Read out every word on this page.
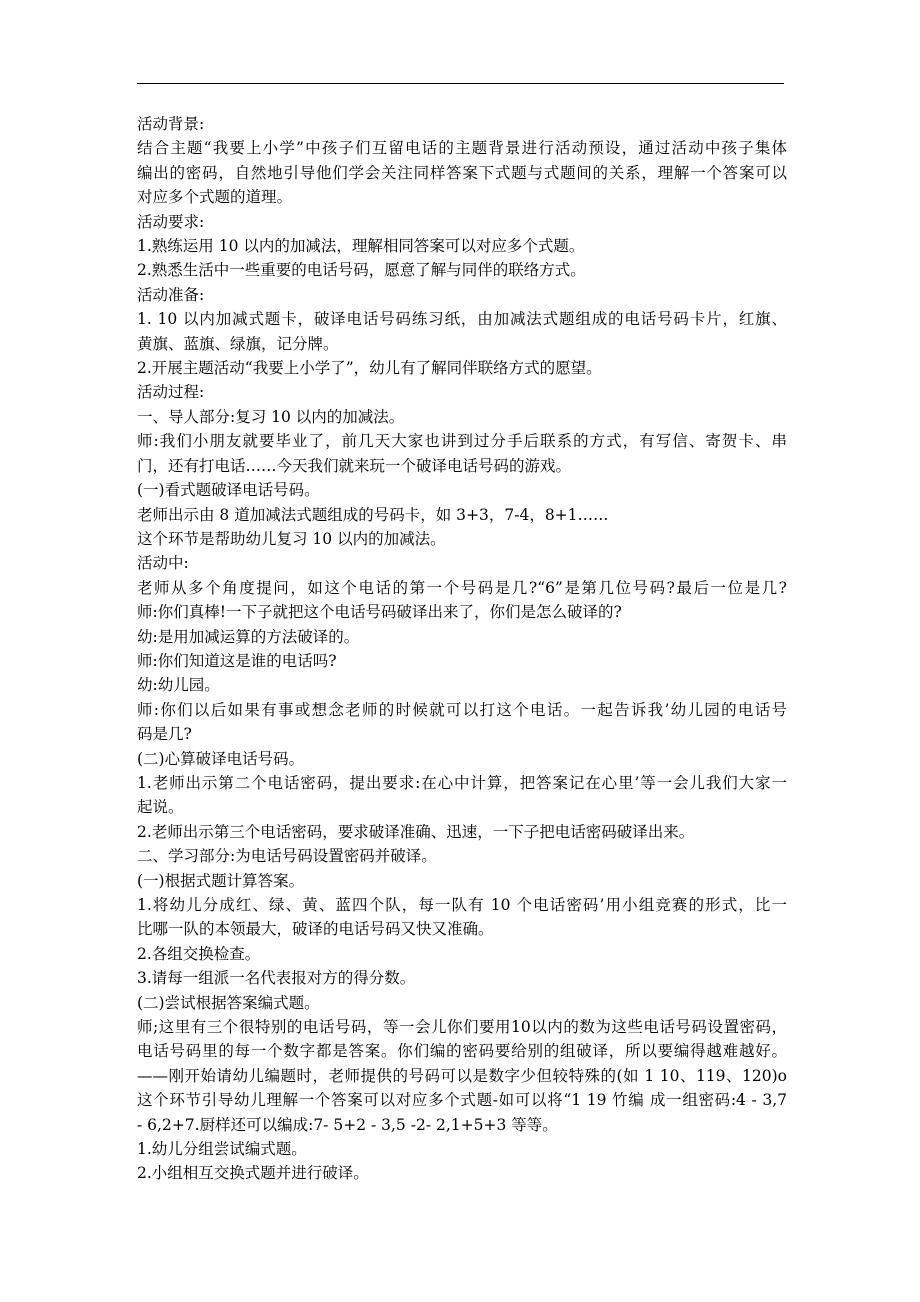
活动背景:
结合主题“我要上小学”中孩子们互留电话的主题背景进行活动预设，通过活动中孩子集体
编出的密码，自然地引导他们学会关注同样答案下式题与式题间的关系，理解一个答案可以
对应多个式题的道理。
活动要求:
1.熟练运用 10 以内的加减法，理解相同答案可以对应多个式题。
2.熟悉生活中一些重要的电话号码，愿意了解与同伴的联络方式。
活动准备:
1. 10 以内加减式题卡，破译电话号码练习纸，由加减法式题组成的电话号码卡片，红旗、
黄旗、蓝旗、绿旗，记分牌。
2.开展主题活动“我要上小学了”，幼儿有了解同伴联络方式的愿望。
活动过程:
一、导人部分:复习 10 以内的加减法。
师:我们小朋友就要毕业了，前几天大家也讲到过分手后联系的方式，有写信、寄贺卡、串
门，还有打电话……今天我们就来玩一个破译电话号码的游戏。
(一)看式题破译电话号码。
老师出示由 8 道加减法式题组成的号码卡，如 3+3，7-4，8+1……
这个环节是帮助幼儿复习 10 以内的加减法。
活动中:
老师从多个角度提问，如这个电话的第一个号码是几?“6”是第几位号码?最后一位是几?
师:你们真棒!一下子就把这个电话号码破译出来了，你们是怎么破译的?
幼:是用加减运算的方法破译的。
师:你们知道这是谁的电话吗?
幼:幼儿园。
师:你们以后如果有事或想念老师的时候就可以打这个电话。一起告诉我’幼儿园的电话号
码是几?
(二)心算破译电话号码。
1.老师出示第二个电话密码，提出要求:在心中计算，把答案记在心里’等一会儿我们大家一
起说。
2.老师出示第三个电话密码，要求破译准确、迅速，一下子把电话密码破译出来。
二、学习部分:为电话号码设置密码并破译。
(一)根据式题计算答案。
1.将幼儿分成红、绿、黄、蓝四个队，每一队有 10 个电话密码’用小组竞赛的形式，比一
比哪一队的本领最大，破译的电话号码又快又准确。
2.各组交换检查。
3.请每一组派一名代表报对方的得分数。
(二)尝试根据答案编式题。
师;这里有三个很特别的电话号码，等一会儿你们要用10以内的数为这些电话号码设置密码，
电话号码里的每一个数字都是答案。你们编的密码要给别的组破译，所以要编得越难越好。
——刚开始请幼儿编题时，老师提供的号码可以是数字少但较特殊的(如 1 10、119、120)o
这个环节引导幼儿理解一个答案可以对应多个式题-如可以将“1 19 竹编 成一组密码:4 - 3,7
- 6,2+7.厨样还可以编成:7- 5+2 - 3,5 -2- 2,1+5+3 等等。
1.幼儿分组尝试编式题。
2.小组相互交换式题并进行破译。
